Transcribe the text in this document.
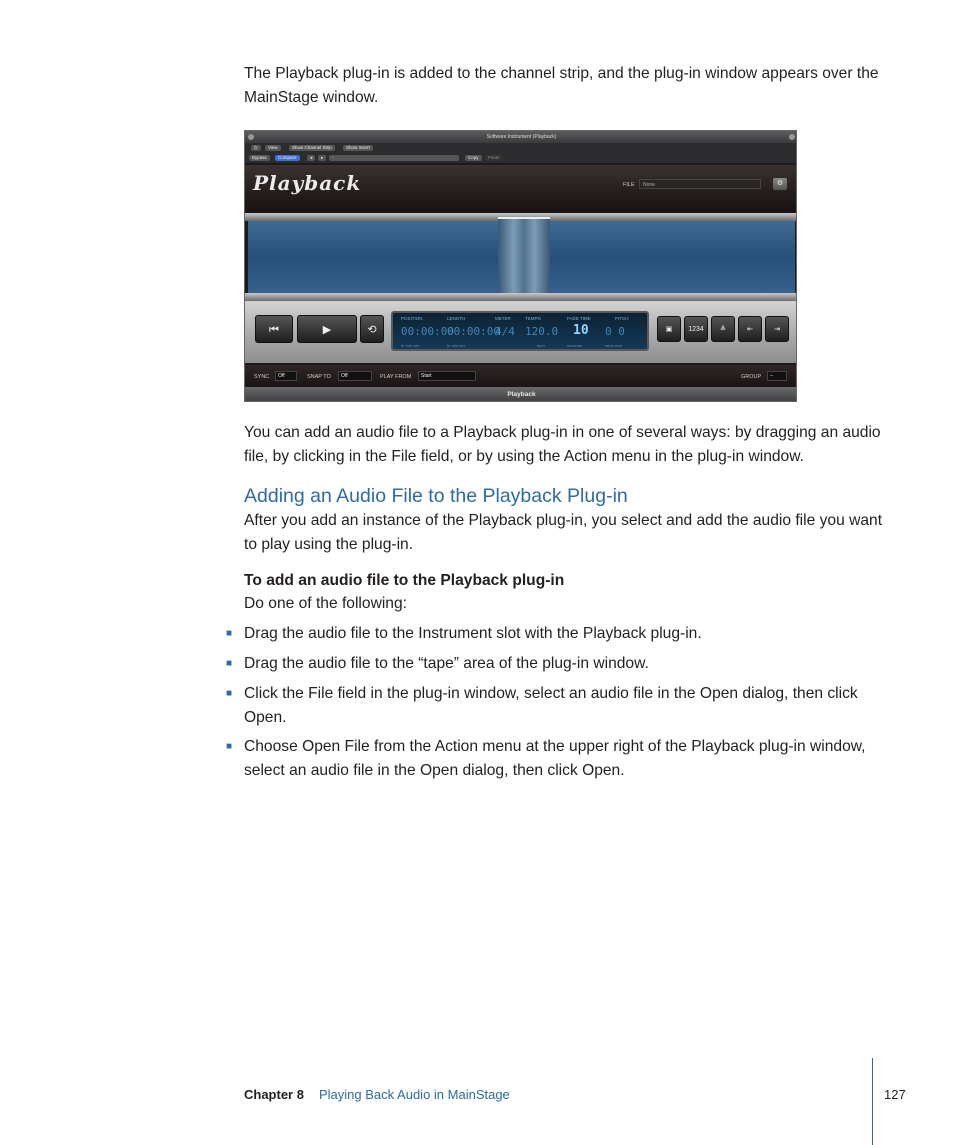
The Playback plug-in is added to the channel strip, and the plug-in window appears over the MainStage window.

Software Instrument (Playback)
⏻	View	Show Channel Strip	Show Insert
Bypass	Compare	◂	▸	-	Copy	Paste
Playback	FILE	None	⚙
⏮	▶	⟲
POSITION
00:00:00
hr min sec
LENGTH
00:00:00
hr min sec
METER
4/4
TEMPO
120.0
bpm
FADE TIME
10
seconds
PITCH
0 0
semi cent
▣	1234	≜	⇤	⇥
SYNC	Off	SNAP TO	Off	PLAY FROM	Start	GROUP	--
Playback

You can add an audio file to a Playback plug-in in one of several ways: by dragging an audio file, by clicking in the File field, or by using the Action menu in the plug-in window.

Adding an Audio File to the Playback Plug-in

After you add an instance of the Playback plug-in, you select and add the audio file you want to play using the plug-in.

To add an audio file to the Playback plug-in

Do one of the following:

■ Drag the audio file to the Instrument slot with the Playback plug-in.
■ Drag the audio file to the “tape” area of the plug-in window.
■ Click the File field in the plug-in window, select an audio file in the Open dialog, then click Open.
■ Choose Open File from the Action menu at the upper right of the Playback plug-in window, select an audio file in the Open dialog, then click Open.
Chapter 8 Playing Back Audio in MainStage	127
